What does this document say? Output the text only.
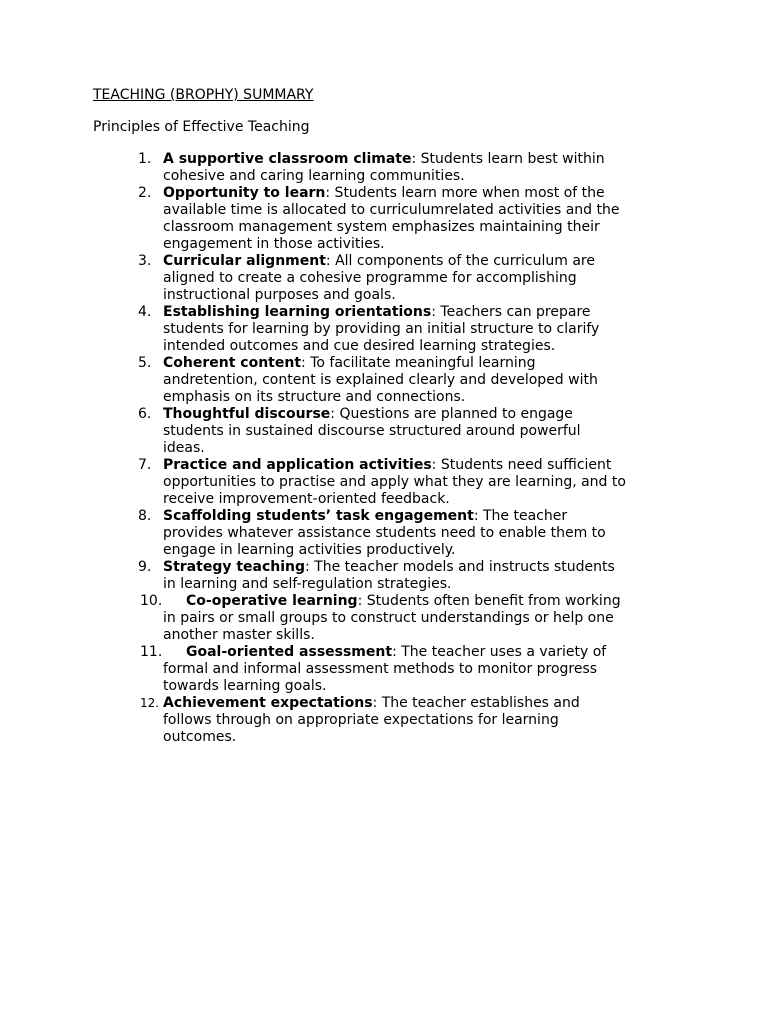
TEACHING (BROPHY) SUMMARY
Principles of Effective Teaching
1. A supportive classroom climate: Students learn best within
cohesive and caring learning communities.
2. Opportunity to learn: Students learn more when most of the
available time is allocated to curriculumrelated activities and the
classroom management system emphasizes maintaining their
engagement in those activities.
3. Curricular alignment: All components of the curriculum are
aligned to create a cohesive programme for accomplishing
instructional purposes and goals.
4. Establishing learning orientations: Teachers can prepare
students for learning by providing an initial structure to clarify
intended outcomes and cue desired learning strategies.
5. Coherent content: To facilitate meaningful learning
andretention, content is explained clearly and developed with
emphasis on its structure and connections.
6. Thoughtful discourse: Questions are planned to engage
students in sustained discourse structured around powerful
ideas.
7. Practice and application activities: Students need sufficient
opportunities to practise and apply what they are learning, and to
receive improvement-oriented feedback.
8. Scaffolding students’ task engagement: The teacher
provides whatever assistance students need to enable them to
engage in learning activities productively.
9. Strategy teaching: The teacher models and instructs students
in learning and self-regulation strategies.
10.	Co-operative learning: Students often benefit from working
in pairs or small groups to construct understandings or help one
another master skills.
11.	Goal-oriented assessment: The teacher uses a variety of
formal and informal assessment methods to monitor progress
towards learning goals.
12. Achievement expectations: The teacher establishes and
follows through on appropriate expectations for learning
outcomes.
